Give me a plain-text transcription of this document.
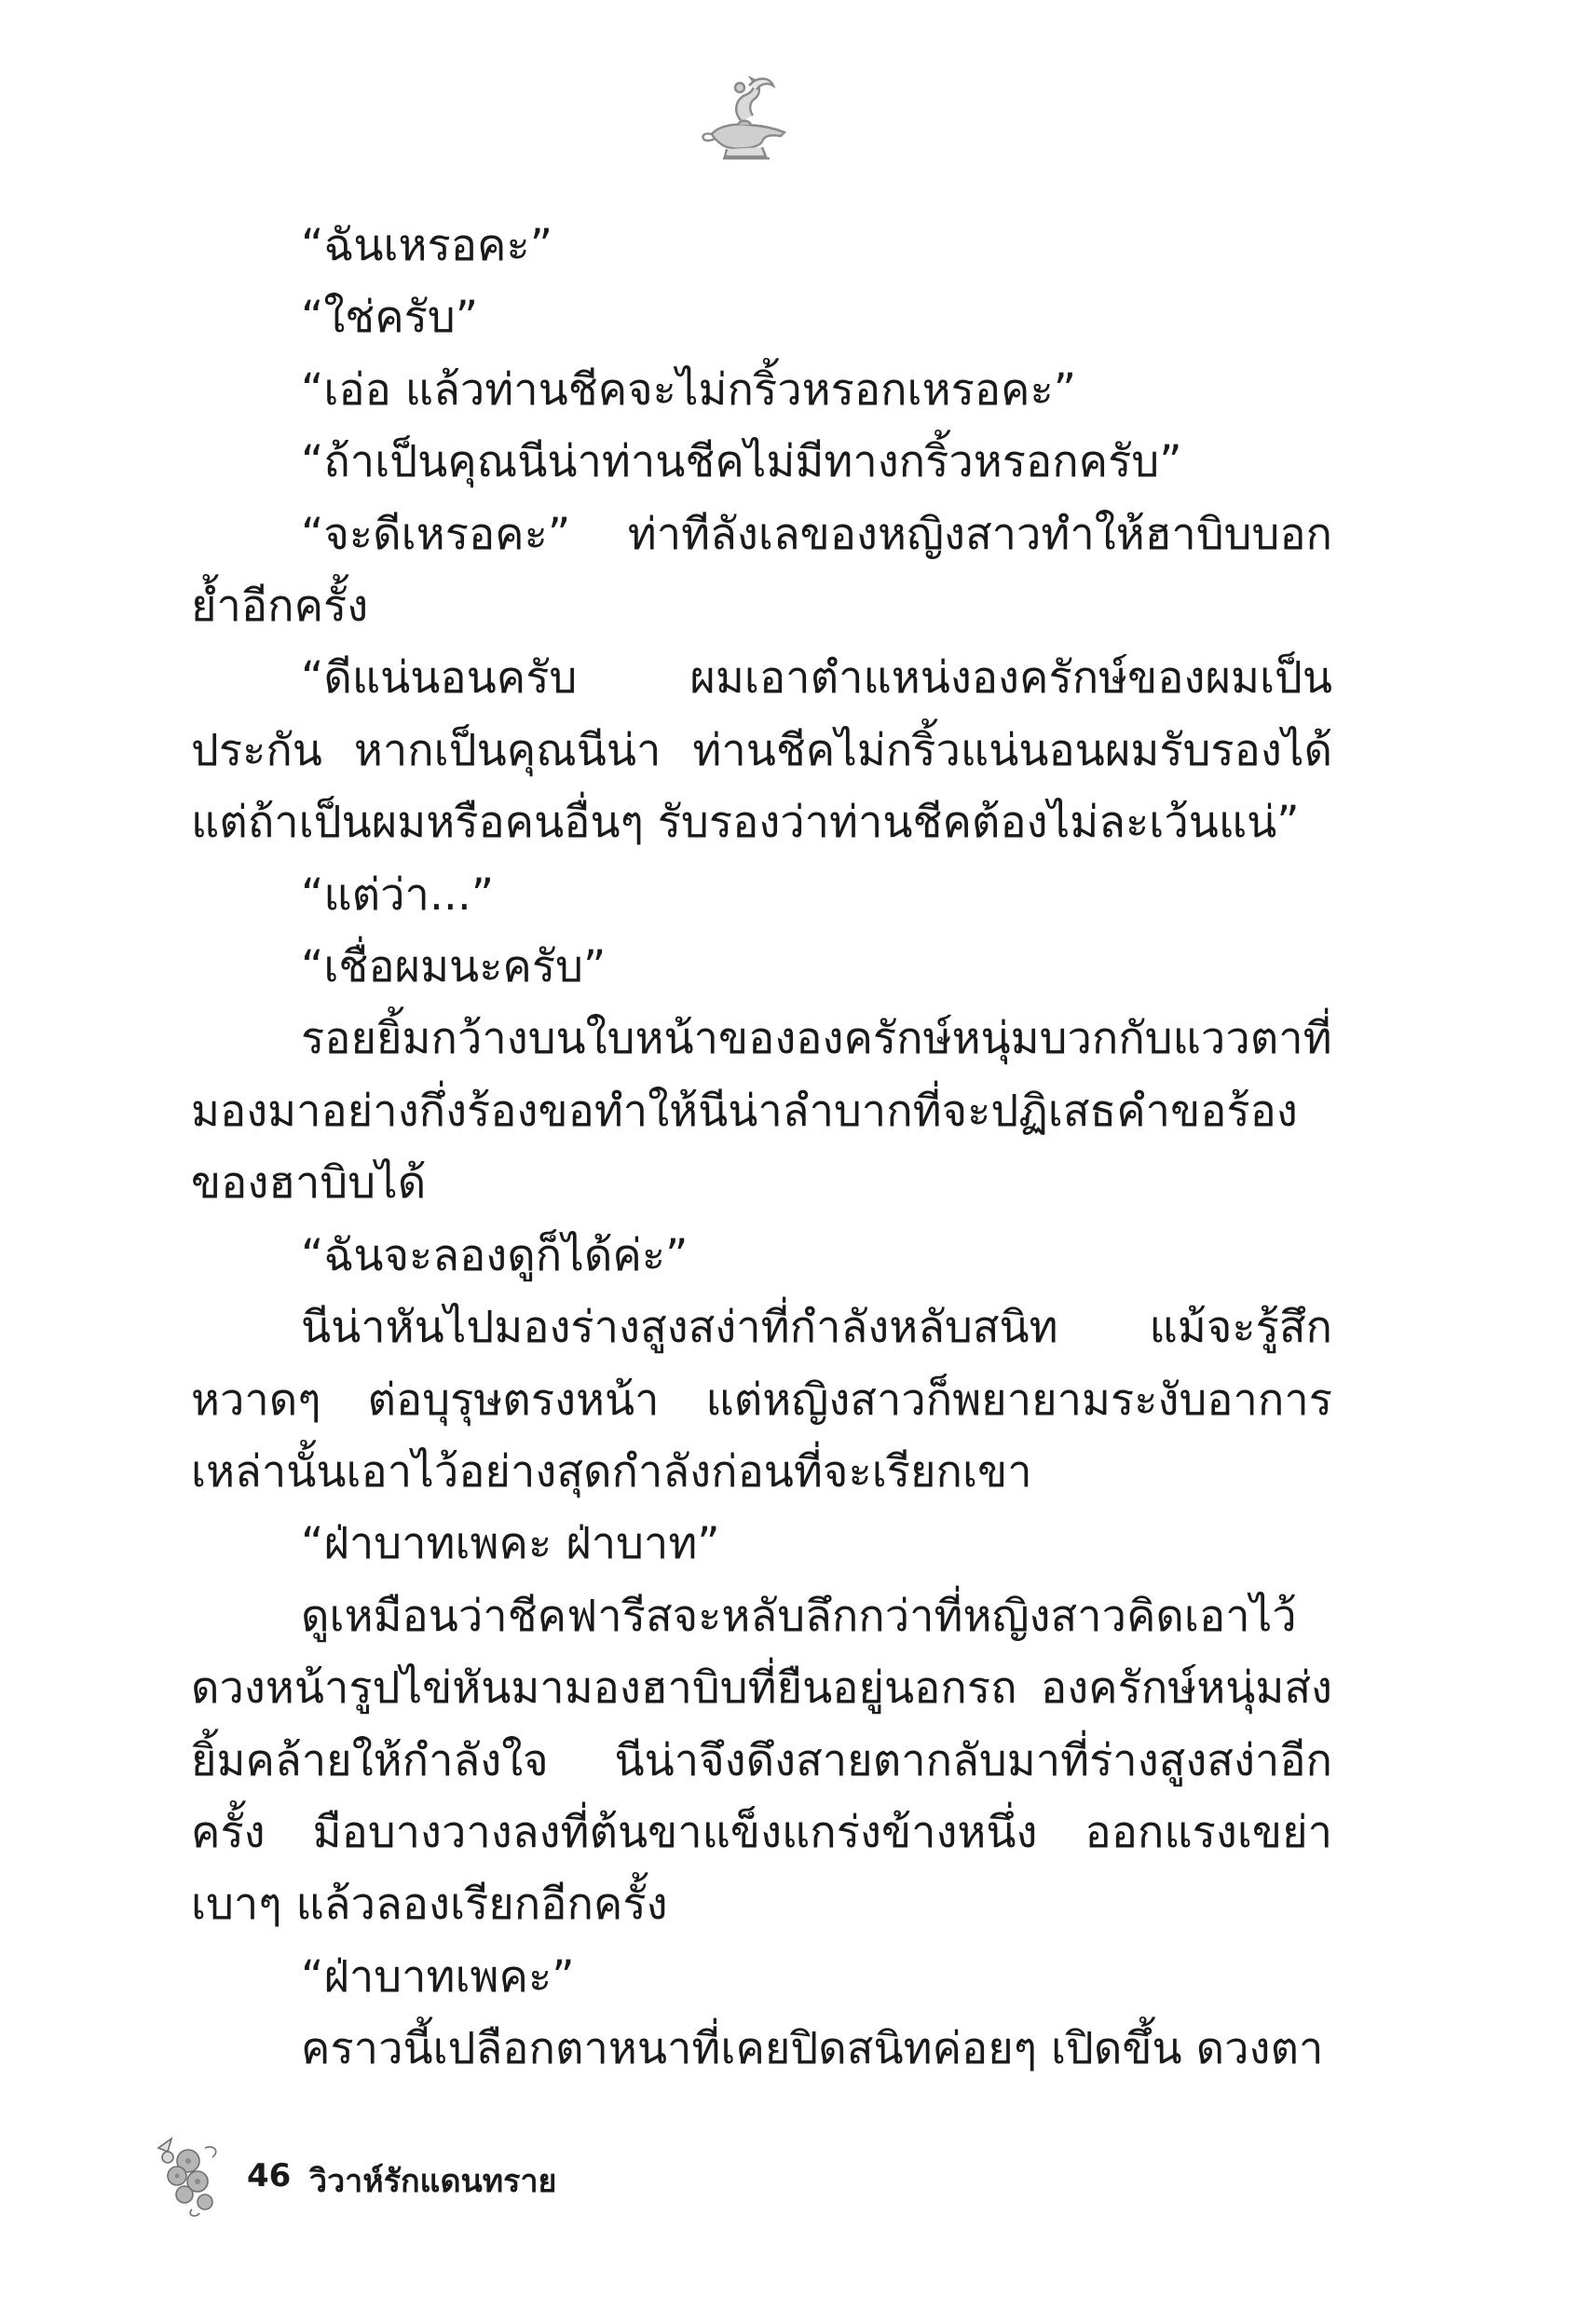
“ฉันเหรอคะ”

“ใช่ครับ”

“เอ่อ แล้วท่านชีคจะไม่กริ้วหรอกเหรอคะ”

“ถ้าเป็นคุณนีน่าท่านชีคไม่มีทางกริ้วหรอกครับ”

“จะดีเหรอคะ” ท่าทีลังเลของหญิงสาวทำให้ฮาบิบบอกย้ำอีกครั้ง

“ดีแน่นอนครับ ผมเอาตำแหน่งองครักษ์ของผมเป็นประกัน หากเป็นคุณนีน่า ท่านชีคไม่กริ้วแน่นอนผมรับรองได้ แต่ถ้าเป็นผมหรือคนอื่นๆ รับรองว่าท่านชีคต้องไม่ละเว้นแน่”

“แต่ว่า...”

“เชื่อผมนะครับ”

รอยยิ้มกว้างบนใบหน้าขององครักษ์หนุ่มบวกกับแววตาที่มองมาอย่างกึ่งร้องขอทำให้นีน่าลำบากที่จะปฏิเสธคำขอร้องของฮาบิบได้

“ฉันจะลองดูก็ได้ค่ะ”

นีน่าหันไปมองร่างสูงสง่าที่กำลังหลับสนิท แม้จะรู้สึกหวาดๆ ต่อบุรุษตรงหน้า แต่หญิงสาวก็พยายามระงับอาการเหล่านั้นเอาไว้อย่างสุดกำลังก่อนที่จะเรียกเขา

“ฝ่าบาทเพคะ ฝ่าบาท”

ดูเหมือนว่าชีคฟารีสจะหลับลึกกว่าที่หญิงสาวคิดเอาไว้ ดวงหน้ารูปไข่หันมามองฮาบิบที่ยืนอยู่นอกรถ องครักษ์หนุ่มส่งยิ้มคล้ายให้กำลังใจ นีน่าจึงดึงสายตากลับมาที่ร่างสูงสง่าอีกครั้ง มือบางวางลงที่ต้นขาแข็งแกร่งข้างหนึ่ง ออกแรงเขย่าเบาๆ แล้วลองเรียกอีกครั้ง

“ฝ่าบาทเพคะ”

คราวนี้เปลือกตาหนาที่เคยปิดสนิทค่อยๆ เปิดขึ้น ดวงตา

46 วิวาห์รักแดนทราย
